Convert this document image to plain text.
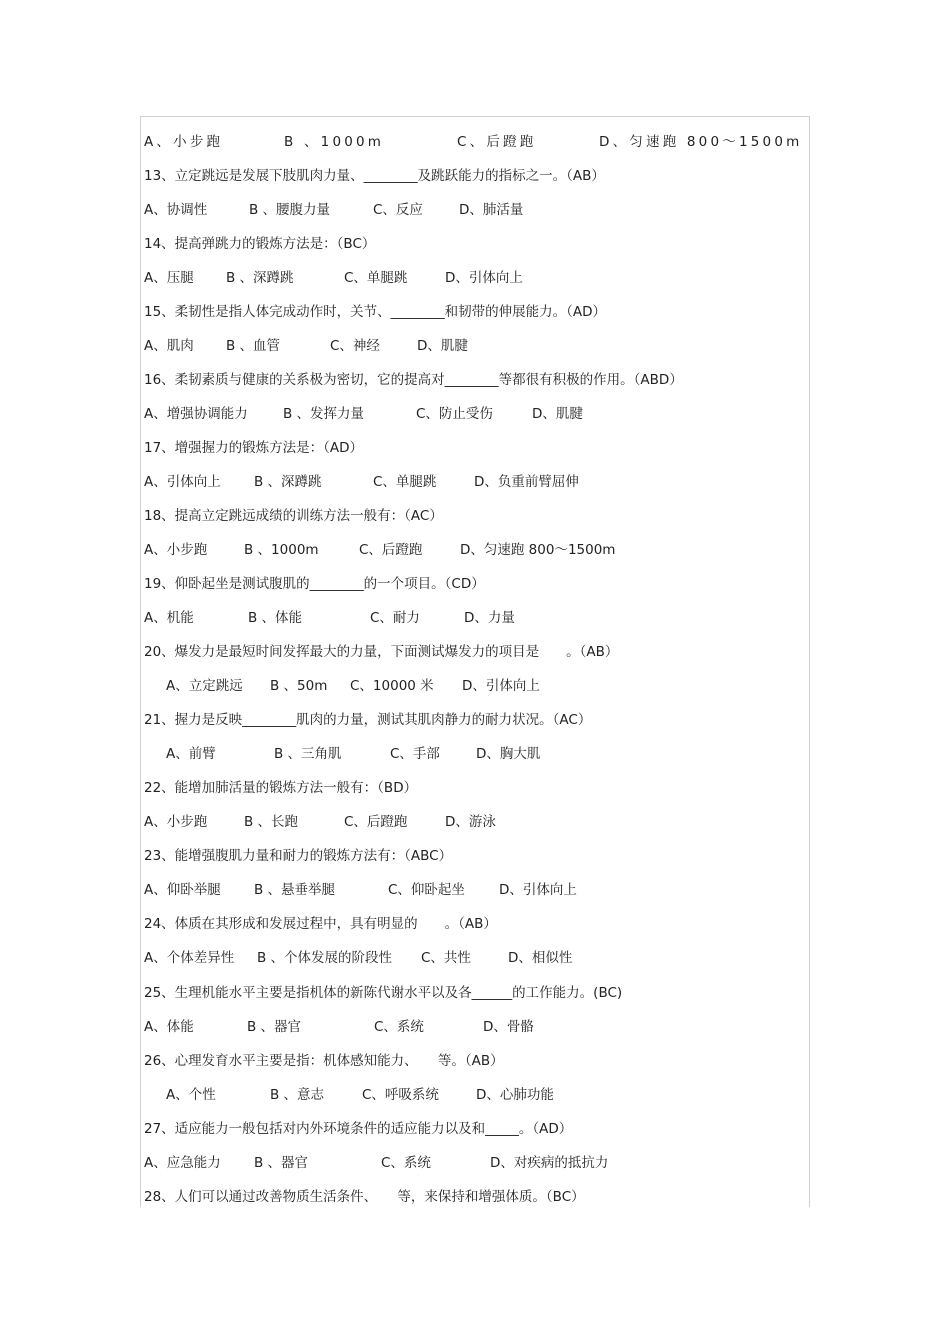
A、小步跑	B 、1000m	C、后蹬跑	D、匀速跑 800～1500m
13、立定跳远是发展下肢肌肉力量、________及跳跃能力的指标之一。（AB）
A、协调性	B 、腰腹力量	C、反应	D、肺活量
14、提高弹跳力的锻炼方法是：（BC）
A、压腿 B 、深蹲跳	C、单腿跳	D、引体向上
15、柔韧性是指人体完成动作时，关节、________和韧带的伸展能力。（AD）
A、肌肉 B 、血管	C、神经	D、肌腱
16、柔韧素质与健康的关系极为密切，它的提高对________等都很有积极的作用。（ABD）
A、增强协调能力	B 、发挥力量	C、防止受伤	D、肌腱
17、增强握力的锻炼方法是：（AD）
A、引体向上 B 、深蹲跳	C、单腿跳	D、负重前臂屈伸
18、提高立定跳远成绩的训练方法一般有：（AC）
A、小步跑	B 、1000m	C、后蹬跑	D、匀速跑 800～1500m
19、仰卧起坐是测试腹肌的________的一个项目。（CD）
A、机能	B 、体能	C、耐力	D、力量
20、爆发力是最短时间发挥最大的力量，下面测试爆发力的项目是　　。（AB）
A、立定跳远 B 、50m C、10000 米 D、引体向上
21、握力是反映________肌肉的力量，测试其肌肉静力的耐力状况。（AC）
A、前臂	B 、三角肌	C、手部	D、胸大肌
22、能增加肺活量的锻炼方法一般有：（BD）
A、小步跑	B 、长跑	C、后蹬跑	D、游泳
23、能增强腹肌力量和耐力的锻炼方法有：（ABC）
A、仰卧举腿 B 、悬垂举腿	C、仰卧起坐	D、引体向上
24、体质在其形成和发展过程中，具有明显的　　。（AB）
A、个体差异性 B 、个体发展的阶段性 C、共性	D、相似性
25、生理机能水平主要是指机体的新陈代谢水平以及各______的工作能力。(BC)
A、体能	B 、器官	C、系统	D、骨骼
26、心理发育水平主要是指：机体感知能力、　　等。（AB）
A、个性	B 、意志	C、呼吸系统	D、心肺功能
27、适应能力一般包括对内外环境条件的适应能力以及和_____。（AD）
A、应急能力 B 、器官	C、系统	D、对疾病的抵抗力
28、人们可以通过改善物质生活条件、　　等，来保持和增强体质。（BC）
